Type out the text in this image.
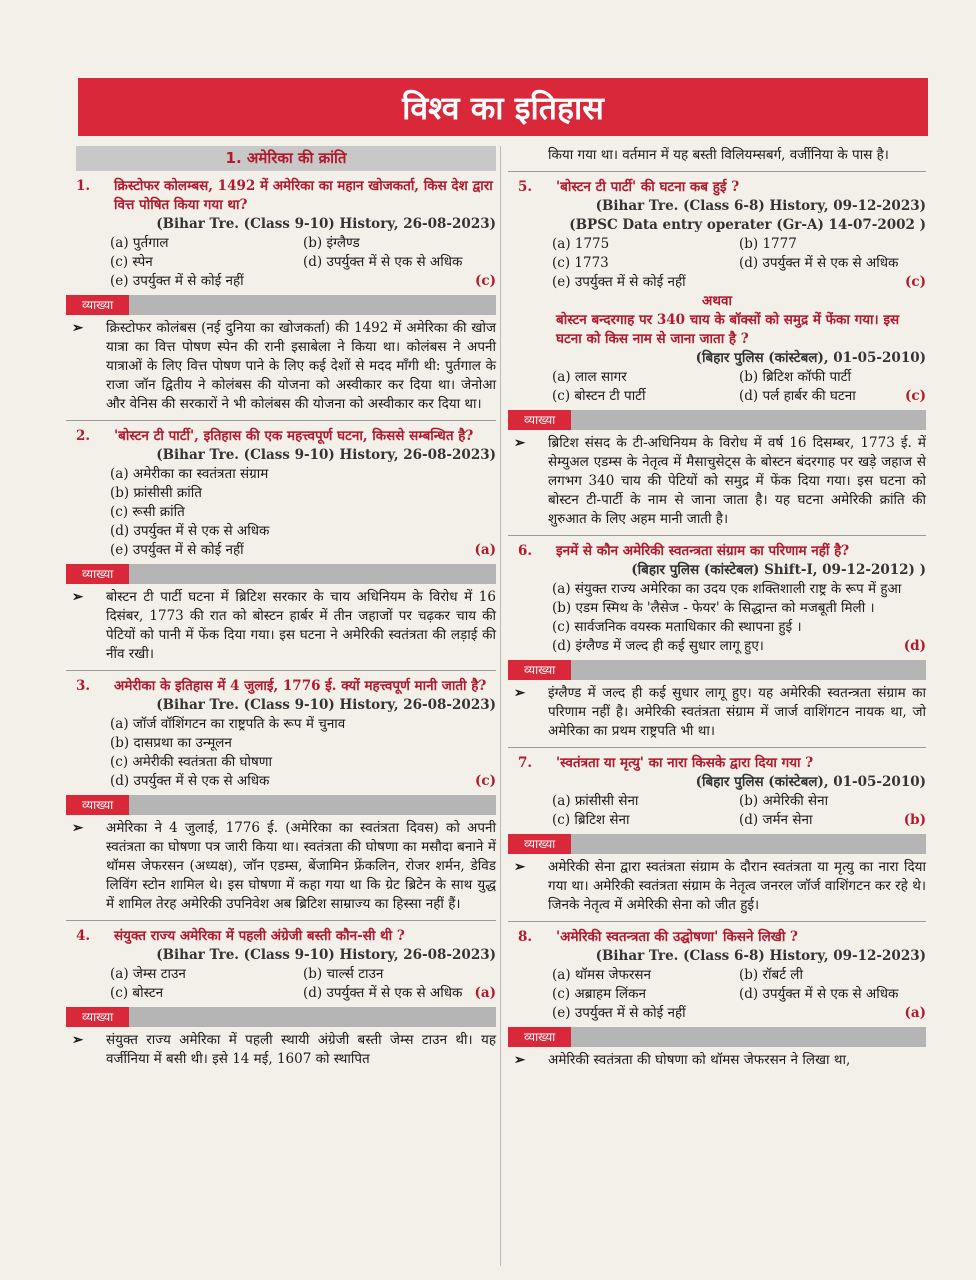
विश्व का इतिहास
1. अमेरिका की क्रांति
1.	क्रिस्टोफर कोलम्बस, 1492 में अमेरिका का महान खोजकर्ता, किस देश द्वारा वित्त पोषित किया गया था?
(Bihar Tre. (Class 9-10) History, 26-08-2023)
(a) पुर्तगाल	(b) इंग्लैण्ड
(c) स्पेन	(d) उपर्युक्त में से एक से अधिक
(e) उपर्युक्त में से कोई नहीं	(c)
व्याख्या
➢	क्रिस्टोफर कोलंबस (नई दुनिया का खोजकर्ता) की 1492 में अमेरिका की खोज यात्रा का वित्त पोषण स्पेन की रानी इसाबेला ने किया था। कोलंबस ने अपनी यात्राओं के लिए वित्त पोषण पाने के लिए कई देशों से मदद माँगी थी: पुर्तगाल के राजा जॉन द्वितीय ने कोलंबस की योजना को अस्वीकार कर दिया था। जेनोआ और वेनिस की सरकारों ने भी कोलंबस की योजना को अस्वीकार कर दिया था।
2.	'बोस्टन टी पार्टी', इतिहास की एक महत्त्वपूर्ण घटना, किससे सम्बन्धित है?
(Bihar Tre. (Class 9-10) History, 26-08-2023)
(a) अमेरीका का स्वतंत्रता संग्राम
(b) फ्रांसीसी क्रांति
(c) रूसी क्रांति
(d) उपर्युक्त में से एक से अधिक
(e) उपर्युक्त में से कोई नहीं	(a)
व्याख्या
➢	बोस्टन टी पार्टी घटना में ब्रिटिश सरकार के चाय अधिनियम के विरोध में 16 दिसंबर, 1773 की रात को बोस्टन हार्बर में तीन जहाजों पर चढ़कर चाय की पेटियों को पानी में फेंक दिया गया। इस घटना ने अमेरिकी स्वतंत्रता की लड़ाई की नींव रखी।
3.	अमेरीका के इतिहास में 4 जुलाई, 1776 ई. क्यों महत्त्वपूर्ण मानी जाती है?
(Bihar Tre. (Class 9-10) History, 26-08-2023)
(a) जॉर्ज वॉशिंगटन का राष्ट्रपति के रूप में चुनाव
(b) दासप्रथा का उन्मूलन
(c) अमेरीकी स्वतंत्रता की घोषणा
(d) उपर्युक्त में से एक से अधिक	(c)
व्याख्या
➢	अमेरिका ने 4 जुलाई, 1776 ई. (अमेरिका का स्वतंत्रता दिवस) को अपनी स्वतंत्रता का घोषणा पत्र जारी किया था। स्वतंत्रता की घोषणा का मसौदा बनाने में थॉमस जेफरसन (अध्यक्ष), जॉन एडम्स, बेंजामिन फ्रेंकलिन, रोजर शर्मन, डेविड लिविंग स्टोन शामिल थे। इस घोषणा में कहा गया था कि ग्रेट ब्रिटेन के साथ युद्ध में शामिल तेरह अमेरिकी उपनिवेश अब ब्रिटिश साम्राज्य का हिस्सा नहीं हैं।
4.	संयुक्त राज्य अमेरिका में पहली अंग्रेजी बस्ती कौन-सी थी ?
(Bihar Tre. (Class 9-10) History, 26-08-2023)
(a) जेम्स टाउन	(b) चार्ल्स टाउन
(c) बोस्टन	(d) उपर्युक्त में से एक से अधिक (a)
व्याख्या
➢	संयुक्त राज्य अमेरिका में पहली स्थायी अंग्रेजी बस्ती जेम्स टाउन थी। यह वर्जीनिया में बसी थी। इसे 14 मई, 1607 को स्थापित
किया गया था। वर्तमान में यह बस्ती विलियम्सबर्ग, वर्जीनिया के पास है।
5.	'बोस्टन टी पार्टी' की घटना कब हुई ?
(Bihar Tre. (Class 6-8) History, 09-12-2023)
(BPSC Data entry operater (Gr-A) 14-07-2002 )
(a) 1775	(b) 1777
(c) 1773	(d) उपर्युक्त में से एक से अधिक
(e) उपर्युक्त में से कोई नहीं	(c)
अथवा
बोस्टन बन्दरगाह पर 340 चाय के बॉक्सों को समुद्र में फेंका गया। इस घटना को किस नाम से जाना जाता है ?
(बिहार पुलिस (कांस्टेबल), 01-05-2010)
(a) लाल सागर	(b) ब्रिटिश कॉफी पार्टी
(c) बोस्टन टी पार्टी	(d) पर्ल हार्बर की घटना	(c)
व्याख्या
➢	ब्रिटिश संसद के टी-अधिनियम के विरोध में वर्ष 16 दिसम्बर, 1773 ई. में सेम्युअल एडम्स के नेतृत्व में मैसाचुसेट्स के बोस्टन बंदरगाह पर खड़े जहाज से लगभग 340 चाय की पेटियों को समुद्र में फेंक दिया गया। इस घटना को बोस्टन टी-पार्टी के नाम से जाना जाता है। यह घटना अमेरिकी क्रांति की शुरुआत के लिए अहम मानी जाती है।
6.	इनमें से कौन अमेरिकी स्वतन्त्रता संग्राम का परिणाम नहीं है?
(बिहार पुलिस (कांस्टेबल) Shift-I, 09-12-2012) )
(a) संयुक्त राज्य अमेरिका का उदय एक शक्तिशाली राष्ट्र के रूप में हुआ
(b) एडम स्मिथ के 'लैसेज - फेयर' के सिद्धान्त को मजबूती मिली ।
(c) सार्वजनिक वयस्क मताधिकार की स्थापना हुई ।
(d) इंग्लैण्ड में जल्द ही कई सुधार लागू हुए।	(d)
व्याख्या
➢	इंग्लैण्ड में जल्द ही कई सुधार लागू हुए। यह अमेरिकी स्वतन्त्रता संग्राम का परिणाम नहीं है। अमेरिकी स्वतंत्रता संग्राम में जार्ज वाशिंगटन नायक था, जो अमेरिका का प्रथम राष्ट्रपति भी था।
7.	'स्वतंत्रता या मृत्यु' का नारा किसके द्वारा दिया गया ?
(बिहार पुलिस (कांस्टेबल), 01-05-2010)
(a) फ्रांसीसी सेना	(b) अमेरिकी सेना
(c) ब्रिटिश सेना	(d) जर्मन सेना	(b)
व्याख्या
➢	अमेरिकी सेना द्वारा स्वतंत्रता संग्राम के दौरान स्वतंत्रता या मृत्यु का नारा दिया गया था। अमेरिकी स्वतंत्रता संग्राम के नेतृत्व जनरल जॉर्ज वाशिंगटन कर रहे थे। जिनके नेतृत्व में अमेरिकी सेना को जीत हुई।
8.	'अमेरिकी स्वतन्त्रता की उद्घोषणा' किसने लिखी ?
(Bihar Tre. (Class 6-8) History, 09-12-2023)
(a) थॉमस जेफरसन	(b) रॉबर्ट ली
(c) अब्राहम लिंकन	(d) उपर्युक्त में से एक से अधिक
(e) उपर्युक्त में से कोई नहीं	(a)
व्याख्या
➢	अमेरिकी स्वतंत्रता की घोषणा को थॉमस जेफरसन ने लिखा था,
